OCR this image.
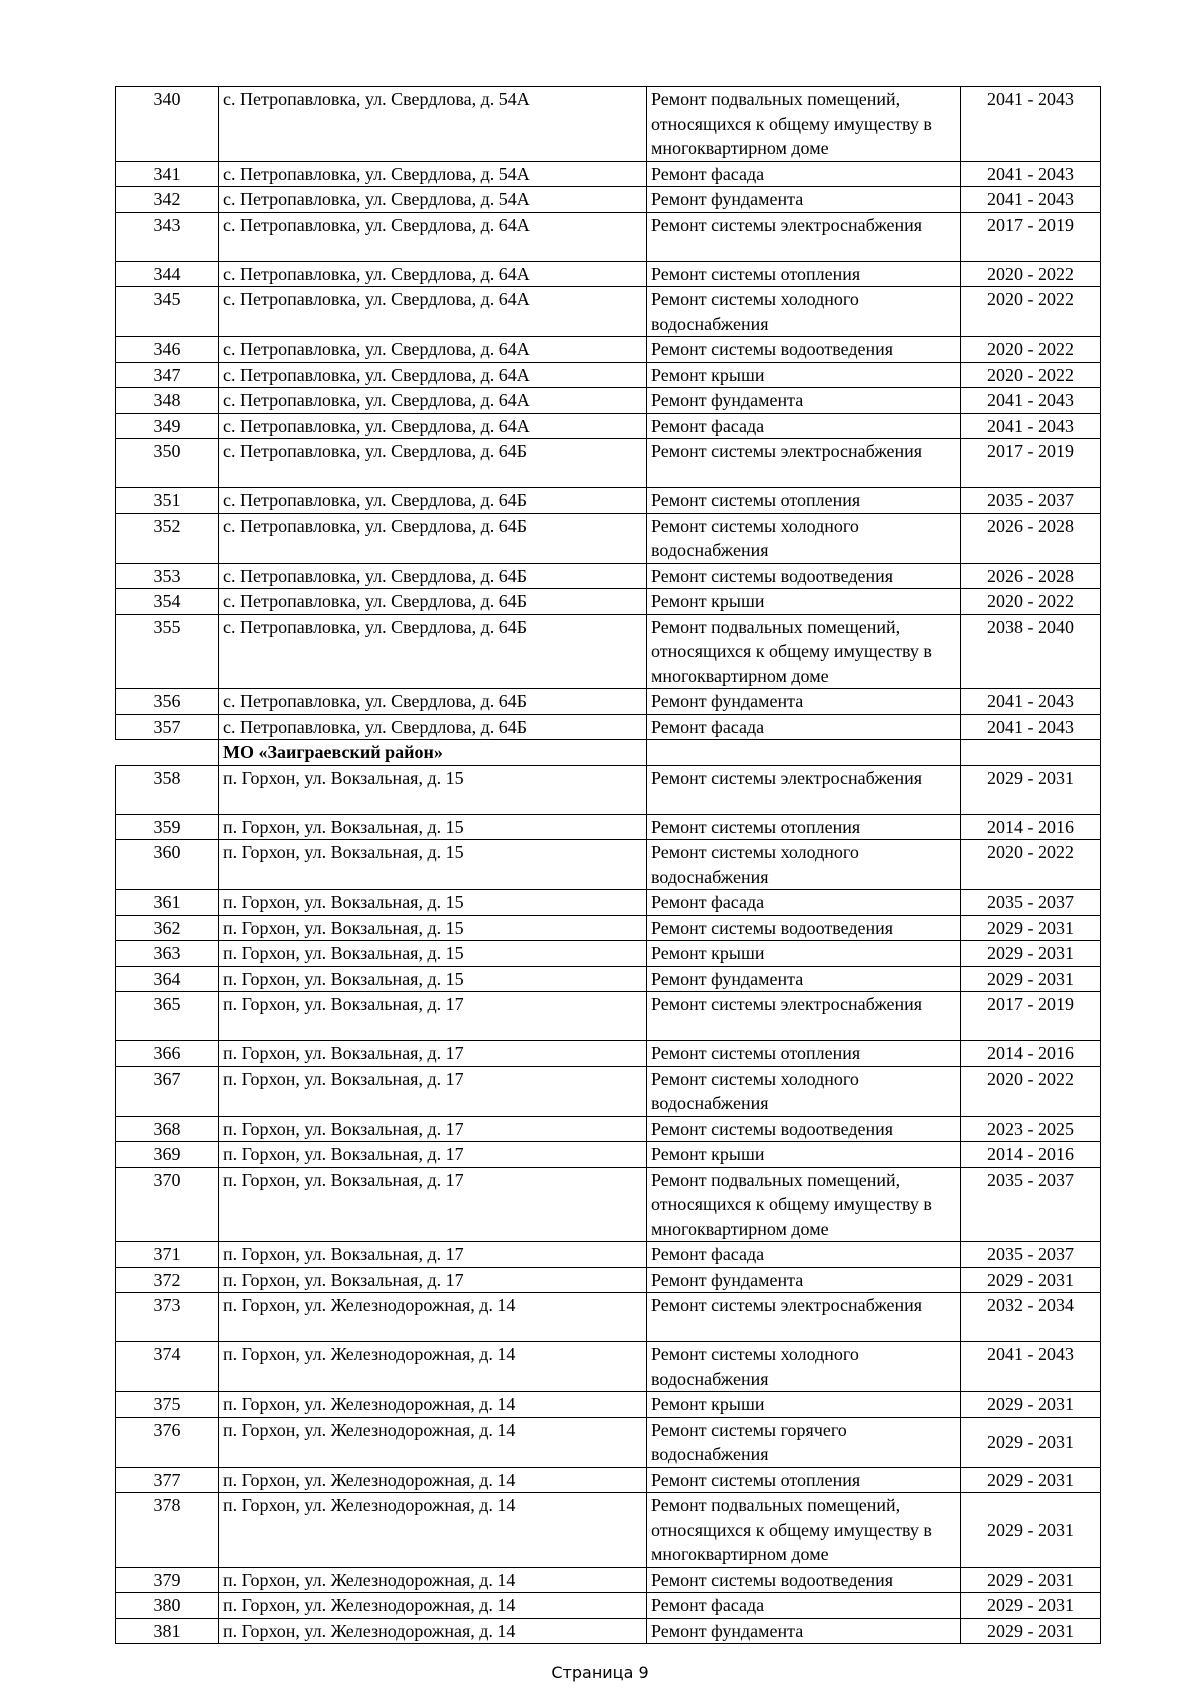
340	с. Петропавловка, ул. Свердлова, д. 54А	Ремонт подвальных помещений, относящихся к общему имуществу в многоквартирном доме	2041 - 2043
341	с. Петропавловка, ул. Свердлова, д. 54А	Ремонт фасада	2041 - 2043
342	с. Петропавловка, ул. Свердлова, д. 54А	Ремонт фундамента	2041 - 2043
343	с. Петропавловка, ул. Свердлова, д. 64А	Ремонт системы электроснабжения	2017 - 2019
344	с. Петропавловка, ул. Свердлова, д. 64А	Ремонт системы отопления	2020 - 2022
345	с. Петропавловка, ул. Свердлова, д. 64А	Ремонт системы холодного водоснабжения	2020 - 2022
346	с. Петропавловка, ул. Свердлова, д. 64А	Ремонт системы водоотведения	2020 - 2022
347	с. Петропавловка, ул. Свердлова, д. 64А	Ремонт крыши	2020 - 2022
348	с. Петропавловка, ул. Свердлова, д. 64А	Ремонт фундамента	2041 - 2043
349	с. Петропавловка, ул. Свердлова, д. 64А	Ремонт фасада	2041 - 2043
350	с. Петропавловка, ул. Свердлова, д. 64Б	Ремонт системы электроснабжения	2017 - 2019
351	с. Петропавловка, ул. Свердлова, д. 64Б	Ремонт системы отопления	2035 - 2037
352	с. Петропавловка, ул. Свердлова, д. 64Б	Ремонт системы холодного водоснабжения	2026 - 2028
353	с. Петропавловка, ул. Свердлова, д. 64Б	Ремонт системы водоотведения	2026 - 2028
354	с. Петропавловка, ул. Свердлова, д. 64Б	Ремонт крыши	2020 - 2022
355	с. Петропавловка, ул. Свердлова, д. 64Б	Ремонт подвальных помещений, относящихся к общему имуществу в многоквартирном доме	2038 - 2040
356	с. Петропавловка, ул. Свердлова, д. 64Б	Ремонт фундамента	2041 - 2043
357	с. Петропавловка, ул. Свердлова, д. 64Б	Ремонт фасада	2041 - 2043
	МО «Заиграевский район»		
358	п. Горхон, ул. Вокзальная, д. 15	Ремонт системы электроснабжения	2029 - 2031
359	п. Горхон, ул. Вокзальная, д. 15	Ремонт системы отопления	2014 - 2016
360	п. Горхон, ул. Вокзальная, д. 15	Ремонт системы холодного водоснабжения	2020 - 2022
361	п. Горхон, ул. Вокзальная, д. 15	Ремонт фасада	2035 - 2037
362	п. Горхон, ул. Вокзальная, д. 15	Ремонт системы водоотведения	2029 - 2031
363	п. Горхон, ул. Вокзальная, д. 15	Ремонт крыши	2029 - 2031
364	п. Горхон, ул. Вокзальная, д. 15	Ремонт фундамента	2029 - 2031
365	п. Горхон, ул. Вокзальная, д. 17	Ремонт системы электроснабжения	2017 - 2019
366	п. Горхон, ул. Вокзальная, д. 17	Ремонт системы отопления	2014 - 2016
367	п. Горхон, ул. Вокзальная, д. 17	Ремонт системы холодного водоснабжения	2020 - 2022
368	п. Горхон, ул. Вокзальная, д. 17	Ремонт системы водоотведения	2023 - 2025
369	п. Горхон, ул. Вокзальная, д. 17	Ремонт крыши	2014 - 2016
370	п. Горхон, ул. Вокзальная, д. 17	Ремонт подвальных помещений, относящихся к общему имуществу в многоквартирном доме	2035 - 2037
371	п. Горхон, ул. Вокзальная, д. 17	Ремонт фасада	2035 - 2037
372	п. Горхон, ул. Вокзальная, д. 17	Ремонт фундамента	2029 - 2031
373	п. Горхон, ул. Железнодорожная, д. 14	Ремонт системы электроснабжения	2032 - 2034
374	п. Горхон, ул. Железнодорожная, д. 14	Ремонт системы холодного водоснабжения	2041 - 2043
375	п. Горхон, ул. Железнодорожная, д. 14	Ремонт крыши	2029 - 2031
376	п. Горхон, ул. Железнодорожная, д. 14	Ремонт системы горячего водоснабжения	2029 - 2031
377	п. Горхон, ул. Железнодорожная, д. 14	Ремонт системы отопления	2029 - 2031
378	п. Горхон, ул. Железнодорожная, д. 14	Ремонт подвальных помещений, относящихся к общему имуществу в многоквартирном доме	2029 - 2031
379	п. Горхон, ул. Железнодорожная, д. 14	Ремонт системы водоотведения	2029 - 2031
380	п. Горхон, ул. Железнодорожная, д. 14	Ремонт фасада	2029 - 2031
381	п. Горхон, ул. Железнодорожная, д. 14	Ремонт фундамента	2029 - 2031
Страница 9
